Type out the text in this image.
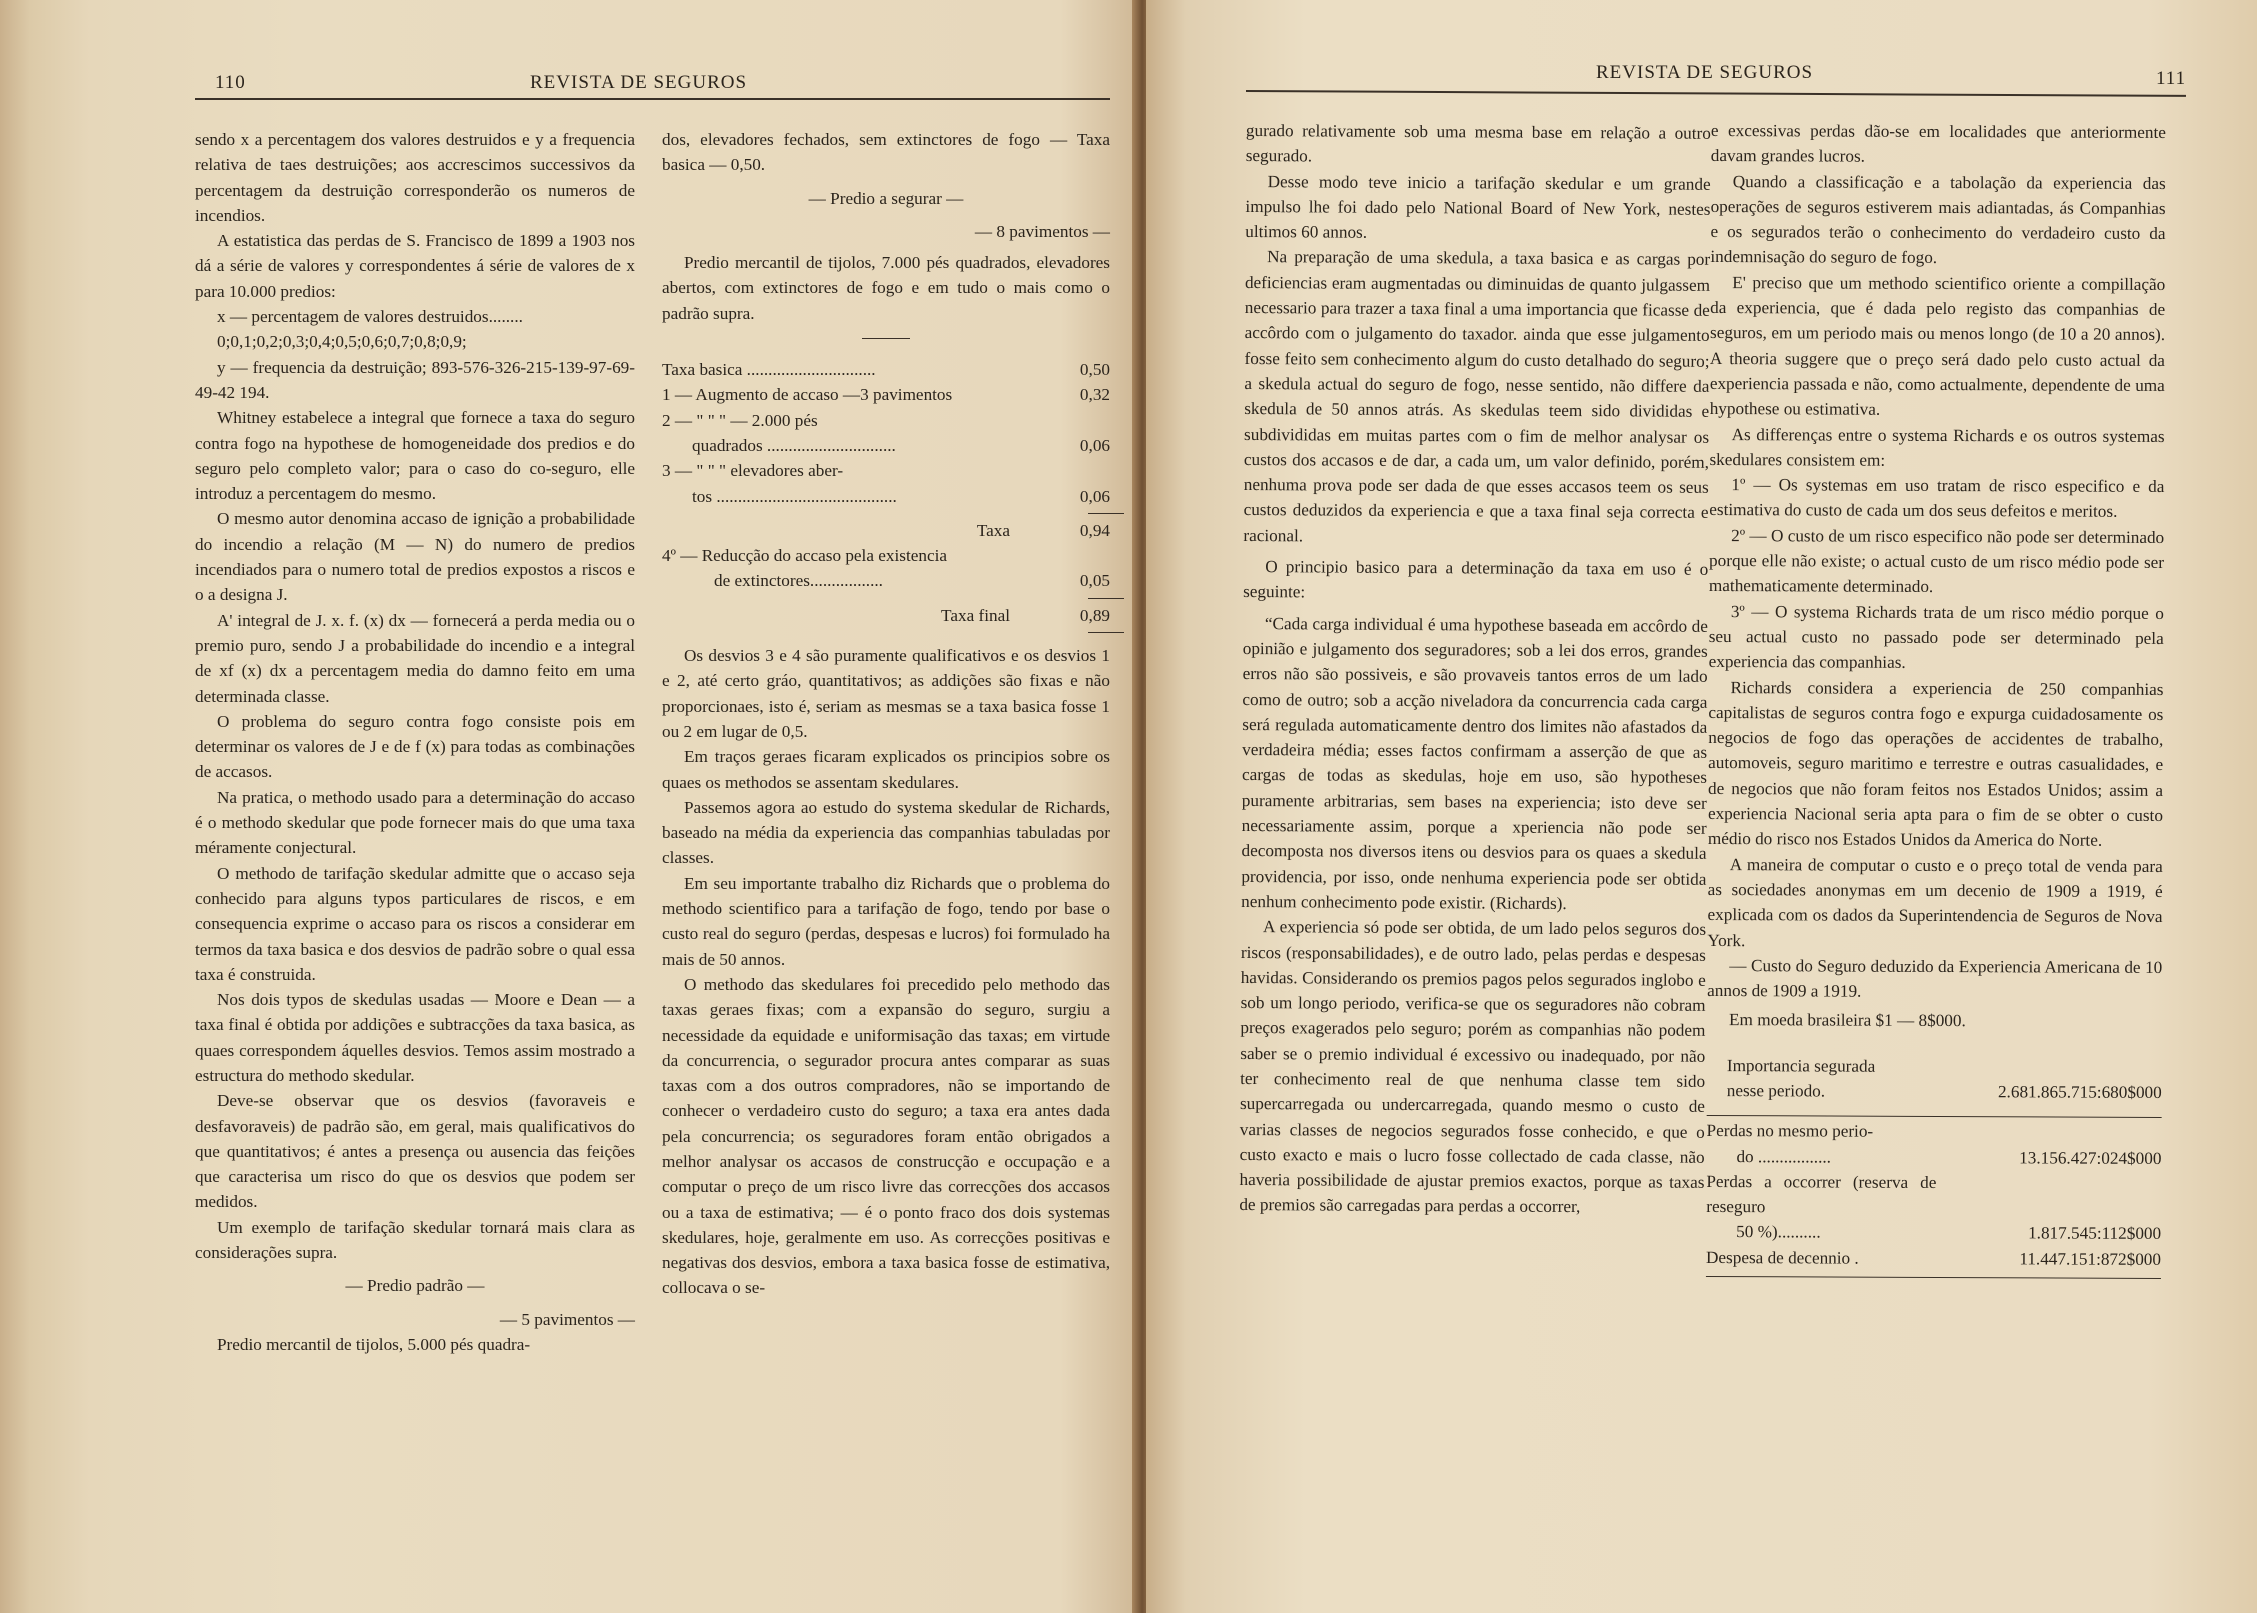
110	REVISTA DE SEGUROS

sendo x a percentagem dos valores destruidos e y a frequencia relativa de taes destruições; aos accrescimos successivos da percentagem da destruição corresponderão os numeros de incendios.

A estatistica das perdas de S. Francisco de 1899 a 1903 nos dá a série de valores y correspondentes á série de valores de x para 10.000 predios:

x — percentagem de valores destruidos........

0;0,1;0,2;0,3;0,4;0,5;0,6;0,7;0,8;0,9;

y — frequencia da destruição; 893-576-326-215-139-97-69-49-42 194.

Whitney estabelece a integral que fornece a taxa do seguro contra fogo na hypothese de homogeneidade dos predios e do seguro pelo completo valor; para o caso do co-seguro, elle introduz a percentagem do mesmo.

O mesmo autor denomina accaso de ignição a probabilidade do incendio a relação (M — N) do numero de predios incendiados para o numero total de predios expostos a riscos e o a designa J.

A' integral de J. x. f. (x) dx — fornecerá a perda media ou o premio puro, sendo J a probabilidade do incendio e a integral de xf (x) dx a percentagem media do damno feito em uma determinada classe.

O problema do seguro contra fogo consiste pois em determinar os valores de J e de f (x) para todas as combinações de accasos.

Na pratica, o methodo usado para a determinação do accaso é o methodo skedular que pode fornecer mais do que uma taxa méramente conjectural.

O methodo de tarifação skedular admitte que o accaso seja conhecido para alguns typos particulares de riscos, e em consequencia exprime o accaso para os riscos a considerar em termos da taxa basica e dos desvios de padrão sobre o qual essa taxa é construida.

Nos dois typos de skedulas usadas — Moore e Dean — a taxa final é obtida por addições e subtracções da taxa basica, as quaes correspondem áquelles desvios. Temos assim mostrado a estructura do methodo skedular.

Deve-se observar que os desvios (favoraveis e desfavoraveis) de padrão são, em geral, mais qualificativos do que quantitativos; é antes a presença ou ausencia das feições que caracterisa um risco do que os desvios que podem ser medidos.

Um exemplo de tarifação skedular tornará mais clara as considerações supra.

— Predio padrão —

— 5 pavimentos —

Predio mercantil de tijolos, 5.000 pés quadra-

dos, elevadores fechados, sem extinctores de fogo — Taxa basica — 0,50.

— Predio a segurar —

— 8 pavimentos —

Predio mercantil de tijolos, 7.000 pés quadrados, elevadores abertos, com extinctores de fogo e em tudo o mais como o padrão supra.

Taxa basica ..............................	0,50
1 — Augmento de accaso —3 pavimentos	0,32
2 — " " " — 2.000 pés
quadrados ..............................	0,06
3 — " " " elevadores aber-
tos ..........................................	0,06
Taxa	0,94
4º — Reducção do accaso pela existencia
de extinctores.................	0,05
Taxa final	0,89

Os desvios 3 e 4 são puramente qualificativos e os desvios 1 e 2, até certo gráo, quantitativos; as addições são fixas e não proporcionaes, isto é, seriam as mesmas se a taxa basica fosse 1 ou 2 em lugar de 0,5.

Em traços geraes ficaram explicados os principios sobre os quaes os methodos se assentam skedulares.

Passemos agora ao estudo do systema skedular de Richards, baseado na média da experiencia das companhias tabuladas por classes.

Em seu importante trabalho diz Richards que o problema do methodo scientifico para a tarifação de fogo, tendo por base o custo real do seguro (perdas, despesas e lucros) foi formulado ha mais de 50 annos.

O methodo das skedulares foi precedido pelo methodo das taxas geraes fixas; com a expansão do seguro, surgiu a necessidade da equidade e uniformisação das taxas; em virtude da concurrencia, o segurador procura antes comparar as suas taxas com a dos outros compradores, não se importando de conhecer o verdadeiro custo do seguro; a taxa era antes dada pela concurrencia; os seguradores foram então obrigados a melhor analysar os accasos de construcção e occupação e a computar o preço de um risco livre das correcções dos accasos ou a taxa de estimativa; — é o ponto fraco dos dois systemas skedulares, hoje, geralmente em uso. As correcções positivas e negativas dos desvios, embora a taxa basica fosse de estimativa, collocava o se-

REVISTA DE SEGUROS	111

gurado relativamente sob uma mesma base em relação a outro segurado.

Desse modo teve inicio a tarifação skedular e um grande impulso lhe foi dado pelo National Board of New York, nestes ultimos 60 annos.

Na preparação de uma skedula, a taxa basica e as cargas por deficiencias eram augmentadas ou diminuidas de quanto julgassem necessario para trazer a taxa final a uma importancia que ficasse de accôrdo com o julgamento do taxador. ainda que esse julgamento fosse feito sem conhecimento algum do custo detalhado do seguro; a skedula actual do seguro de fogo, nesse sentido, não differe da skedula de 50 annos atrás. As skedulas teem sido divididas e subdivididas em muitas partes com o fim de melhor analysar os custos dos accasos e de dar, a cada um, um valor definido, porém, nenhuma prova pode ser dada de que esses accasos teem os seus custos deduzidos da experiencia e que a taxa final seja correcta e racional.

O principio basico para a determinação da taxa em uso é o seguinte:

“Cada carga individual é uma hypothese baseada em accôrdo de opinião e julgamento dos seguradores; sob a lei dos erros, grandes erros não são possiveis, e são provaveis tantos erros de um lado como de outro; sob a acção niveladora da concurrencia cada carga será regulada automaticamente dentro dos limites não afastados da verdadeira média; esses factos confirmam a asserção de que as cargas de todas as skedulas, hoje em uso, são hypotheses puramente arbitrarias, sem bases na experiencia; isto deve ser necessariamente assim, porque a xperiencia não pode ser decomposta nos diversos itens ou desvios para os quaes a skedula providencia, por isso, onde nenhuma experiencia pode ser obtida nenhum conhecimento pode existir. (Richards).

A experiencia só pode ser obtida, de um lado pelos seguros dos riscos (responsabilidades), e de outro lado, pelas perdas e despesas havidas. Considerando os premios pagos pelos segurados inglobo e sob um longo periodo, verifica-se que os seguradores não cobram preços exagerados pelo seguro; porém as companhias não podem saber se o premio individual é excessivo ou inadequado, por não ter conhecimento real de que nenhuma classe tem sido supercarregada ou undercarregada, quando mesmo o custo de varias classes de negocios segurados fosse conhecido, e que o custo exacto e mais o lucro fosse collectado de cada classe, não haveria possibilidade de ajustar premios exactos, porque as taxas de premios são carregadas para perdas a occorrer,

e excessivas perdas dão-se em localidades que anteriormente davam grandes lucros.

Quando a classificação e a tabolação da experiencia das operações de seguros estiverem mais adiantadas, ás Companhias e os segurados terão o conhecimento do verdadeiro custo da indemnisação do seguro de fogo.

E' preciso que um methodo scientifico oriente a compillação da experiencia, que é dada pelo registo das companhias de seguros, em um periodo mais ou menos longo (de 10 a 20 annos). A theoria suggere que o preço será dado pelo custo actual da experiencia passada e não, como actualmente, dependente de uma hypothese ou estimativa.

As differenças entre o systema Richards e os outros systemas skedulares consistem em:

1º — Os systemas em uso tratam de risco especifico e da estimativa do custo de cada um dos seus defeitos e meritos.

2º — O custo de um risco especifico não pode ser determinado porque elle não existe; o actual custo de um risco médio pode ser mathematicamente determinado.

3º — O systema Richards trata de um risco médio porque o seu actual custo no passado pode ser determinado pela experiencia das companhias.

Richards considera a experiencia de 250 companhias capitalistas de seguros contra fogo e expurga cuidadosamente os negocios de fogo das operações de accidentes de trabalho, automoveis, seguro maritimo e terrestre e outras casualidades, e de negocios que não foram feitos nos Estados Unidos; assim a experiencia Nacional seria apta para o fim de se obter o custo médio do risco nos Estados Unidos da America do Norte.

A maneira de computar o custo e o preço total de venda para as sociedades anonymas em um decenio de 1909 a 1919, é explicada com os dados da Superintendencia de Seguros de Nova York.

— Custo do Seguro deduzido da Experiencia Americana de 10 annos de 1909 a 1919.

Em moeda brasileira $1 — 8$000.

Importancia segurada
nesse periodo.	2.681.865.715:680$000
Perdas no mesmo perio-
do .................	13.156.427:024$000
Perdas a occorrer (reserva de reseguro
50 %)..........	1.817.545:112$000
Despesa de decennio .	11.447.151:872$000
